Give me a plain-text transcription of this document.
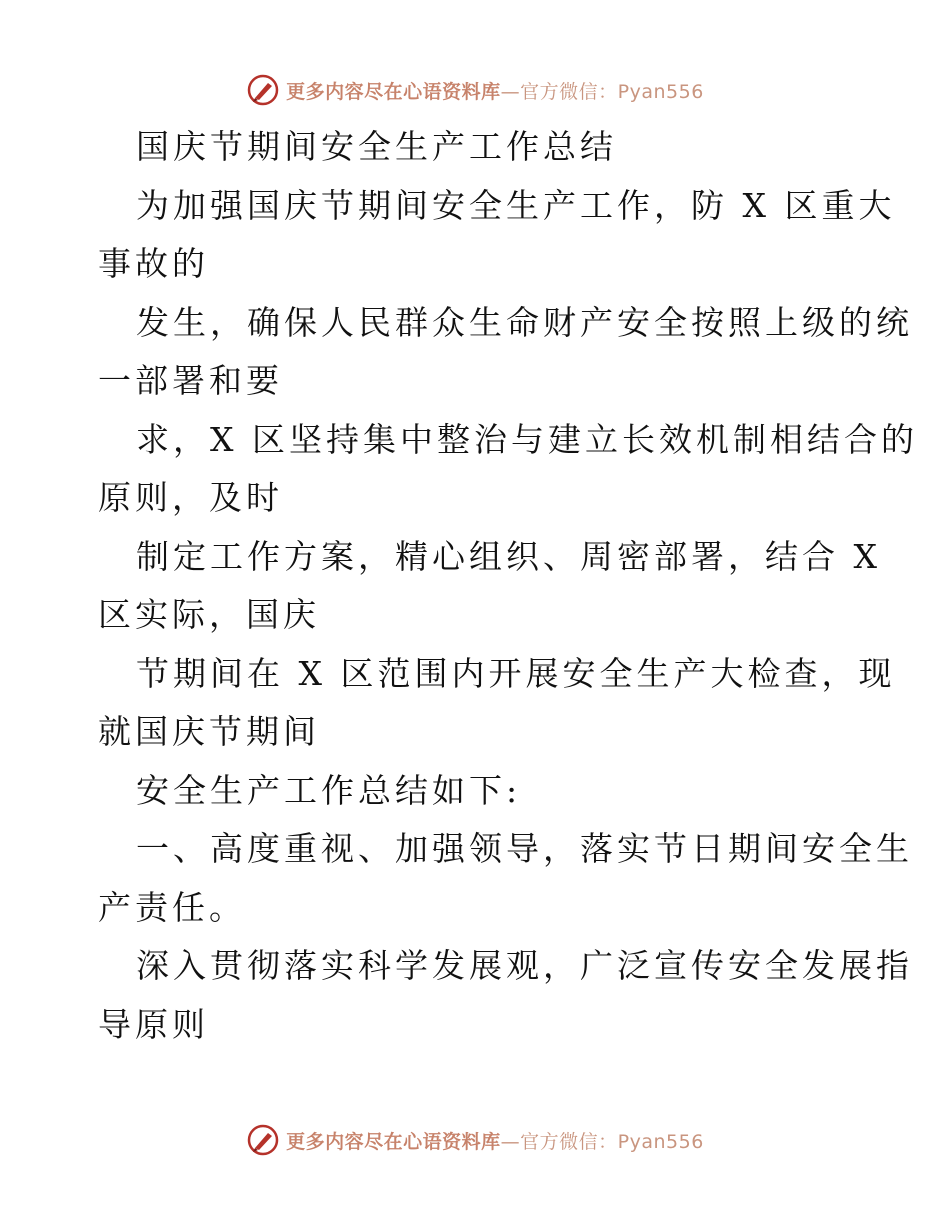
更多内容尽在心语资料库—官方微信：Pyan556
国庆节期间安全生产工作总结
为加强国庆节期间安全生产工作，防 X 区重大
事故的
发生，确保人民群众生命财产安全按照上级的统
一部署和要
求，X 区坚持集中整治与建立长效机制相结合的
原则，及时
制定工作方案，精心组织、周密部署，结合 X
区实际，国庆
节期间在 X 区范围内开展安全生产大检查，现
就国庆节期间
安全生产工作总结如下:
一、高度重视、加强领导，落实节日期间安全生
产责任。
深入贯彻落实科学发展观，广泛宣传安全发展指
导原则
更多内容尽在心语资料库—官方微信：Pyan556
